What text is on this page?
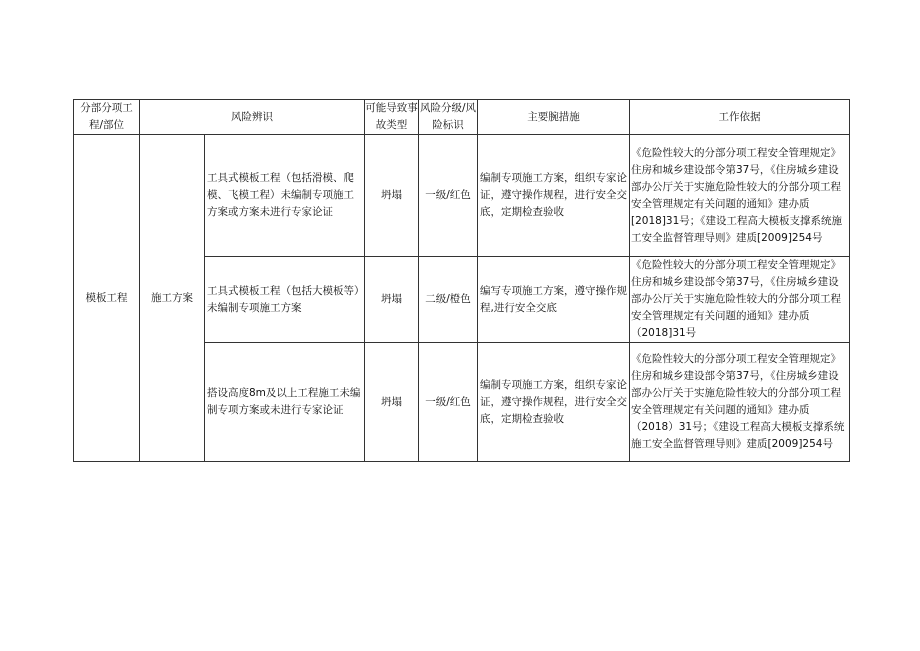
分部分项工程/部位	风险辨识		可能导致事故类型	风险分级/风险标识	主要腕措施	工作依据
模板工程	施工方案	工具式模板工程（包括滑模、爬模、飞模工程）未编制专项施工方案或方案未进行专家论证	坍塌	一级/红色	编制专项施工方案，组织专家论证，遵守操作规程，进行安全交底，定期检查验收	《危险性较大的分部分项工程安全管理规定》住房和城乡建设部令第37号，《住房城乡建设部办公厅关于实施危险性较大的分部分项工程安全管理规定有关问题的通知》建办质[2018]31号；《建设工程高大模板支撑系统施工安全监督管理导则》建质[2009]254号
		工具式模板工程（包括大模板等）未编制专项施工方案	坍塌	二级/橙色	编写专项施工方案，遵守操作规程,进行安全交底	《危险性较大的分部分项工程安全管理规定》住房和城乡建设部令第37号，《住房城乡建设部办公厅关于实施危险性较大的分部分项工程安全管理规定有关问题的通知》建办质（2018]31号
		搭设高度8m及以上工程施工未编制专项方案或未进行专家论证	坍塌	一级/红色	编制专项施工方案，组织专家论证，遵守操作规程，进行安全交底，定期检查验收	《危险性较大的分部分项工程安全管理规定》住房和城乡建设部令第37号，《住房城乡建设部办公厅关于实施危险性较大的分部分项工程安全管理规定有关问题的通知》建办质（2018）31号；《建设工程高大模板支撑系统施工安全监督管理导则》建质[2009]254号
